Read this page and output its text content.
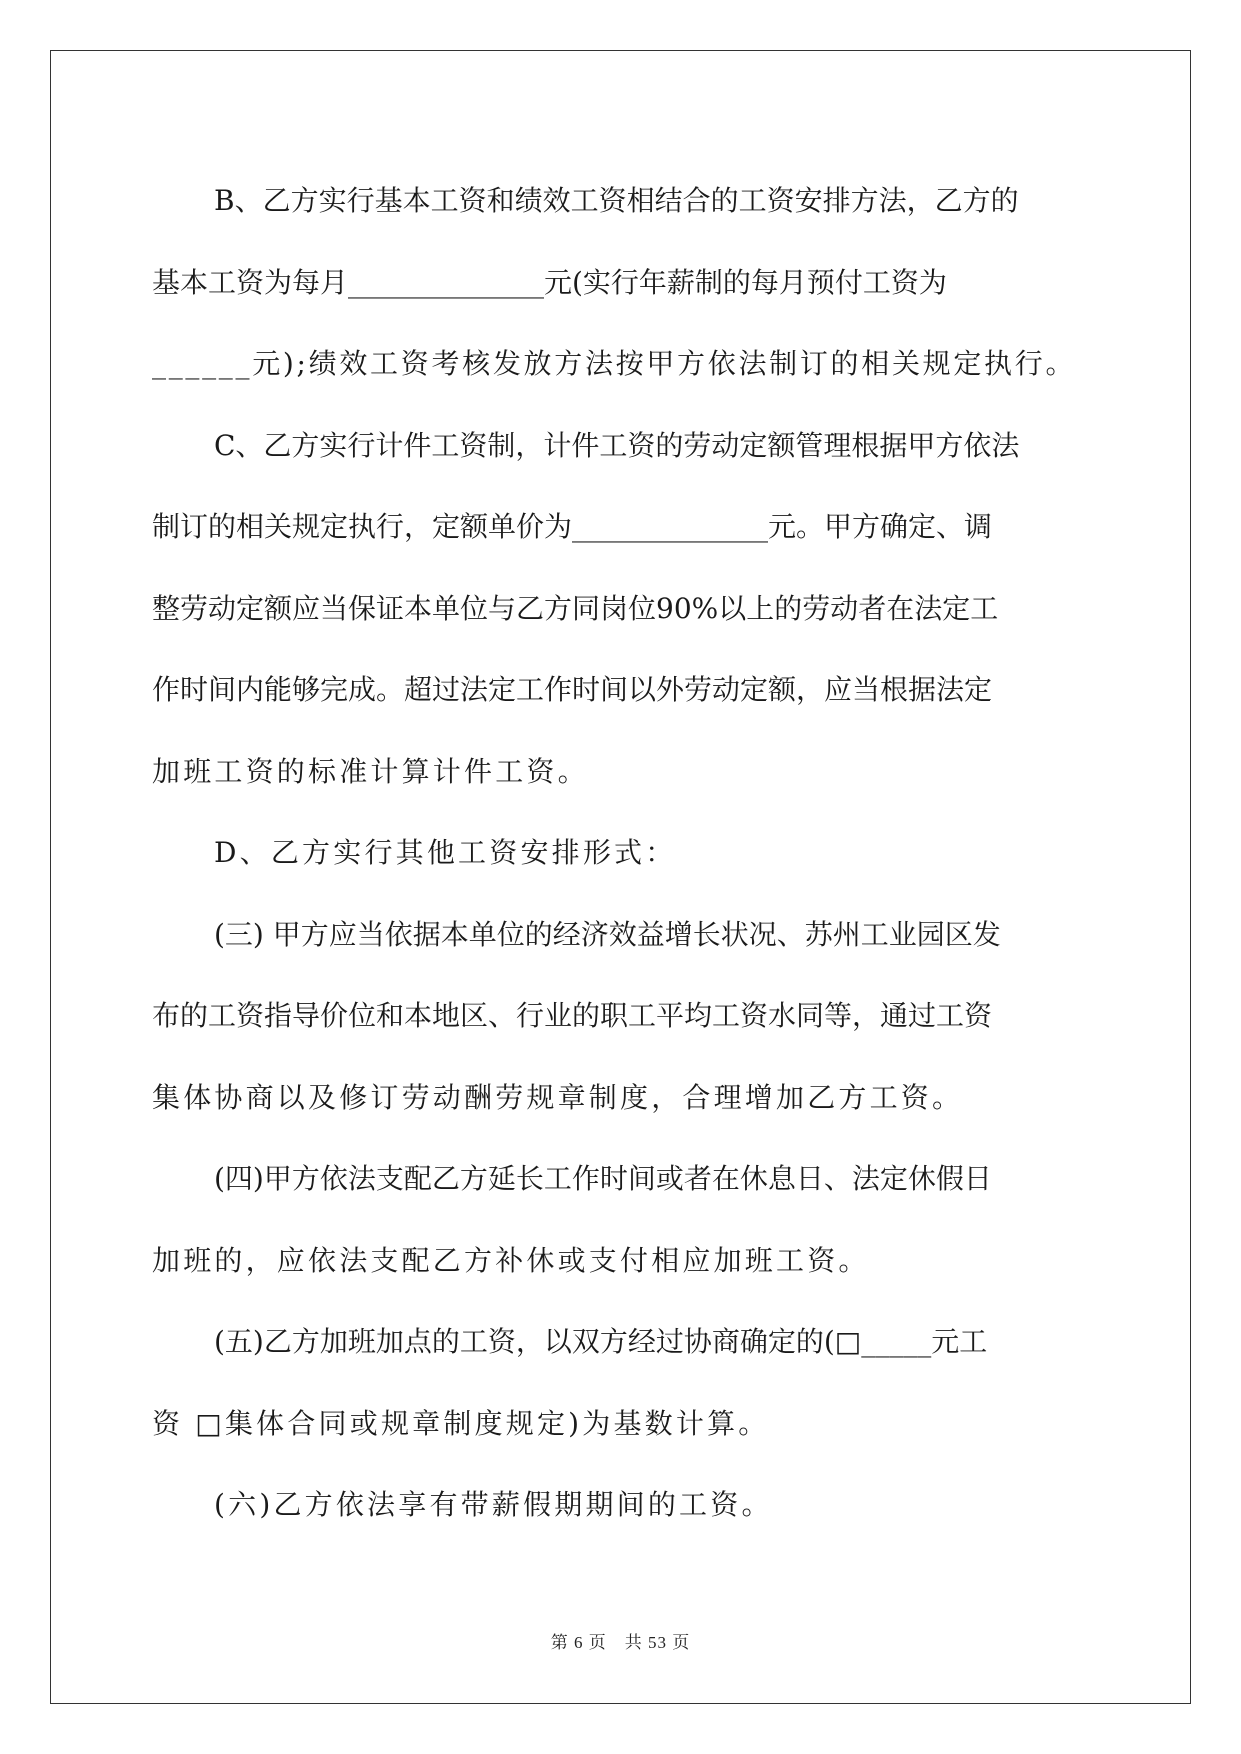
B、乙方实行基本工资和绩效工资相结合的工资安排方法，乙方的
基本工资为每月______________元(实行年薪制的每月预付工资为
______元);绩效工资考核发放方法按甲方依法制订的相关规定执行。
C、乙方实行计件工资制，计件工资的劳动定额管理根据甲方依法
制订的相关规定执行，定额单价为______________元。甲方确定、调
整劳动定额应当保证本单位与乙方同岗位90%以上的劳动者在法定工
作时间内能够完成。超过法定工作时间以外劳动定额，应当根据法定
加班工资的标准计算计件工资。
D、乙方实行其他工资安排形式：
(三) 甲方应当依据本单位的经济效益增长状况、苏州工业园区发
布的工资指导价位和本地区、行业的职工平均工资水同等，通过工资
集体协商以及修订劳动酬劳规章制度，合理增加乙方工资。
(四)甲方依法支配乙方延长工作时间或者在休息日、法定休假日
加班的，应依法支配乙方补休或支付相应加班工资。
(五)乙方加班加点的工资，以双方经过协商确定的(□_____元工
资 □集体合同或规章制度规定)为基数计算。
(六)乙方依法享有带薪假期期间的工资。
第 6 页　共 53 页
